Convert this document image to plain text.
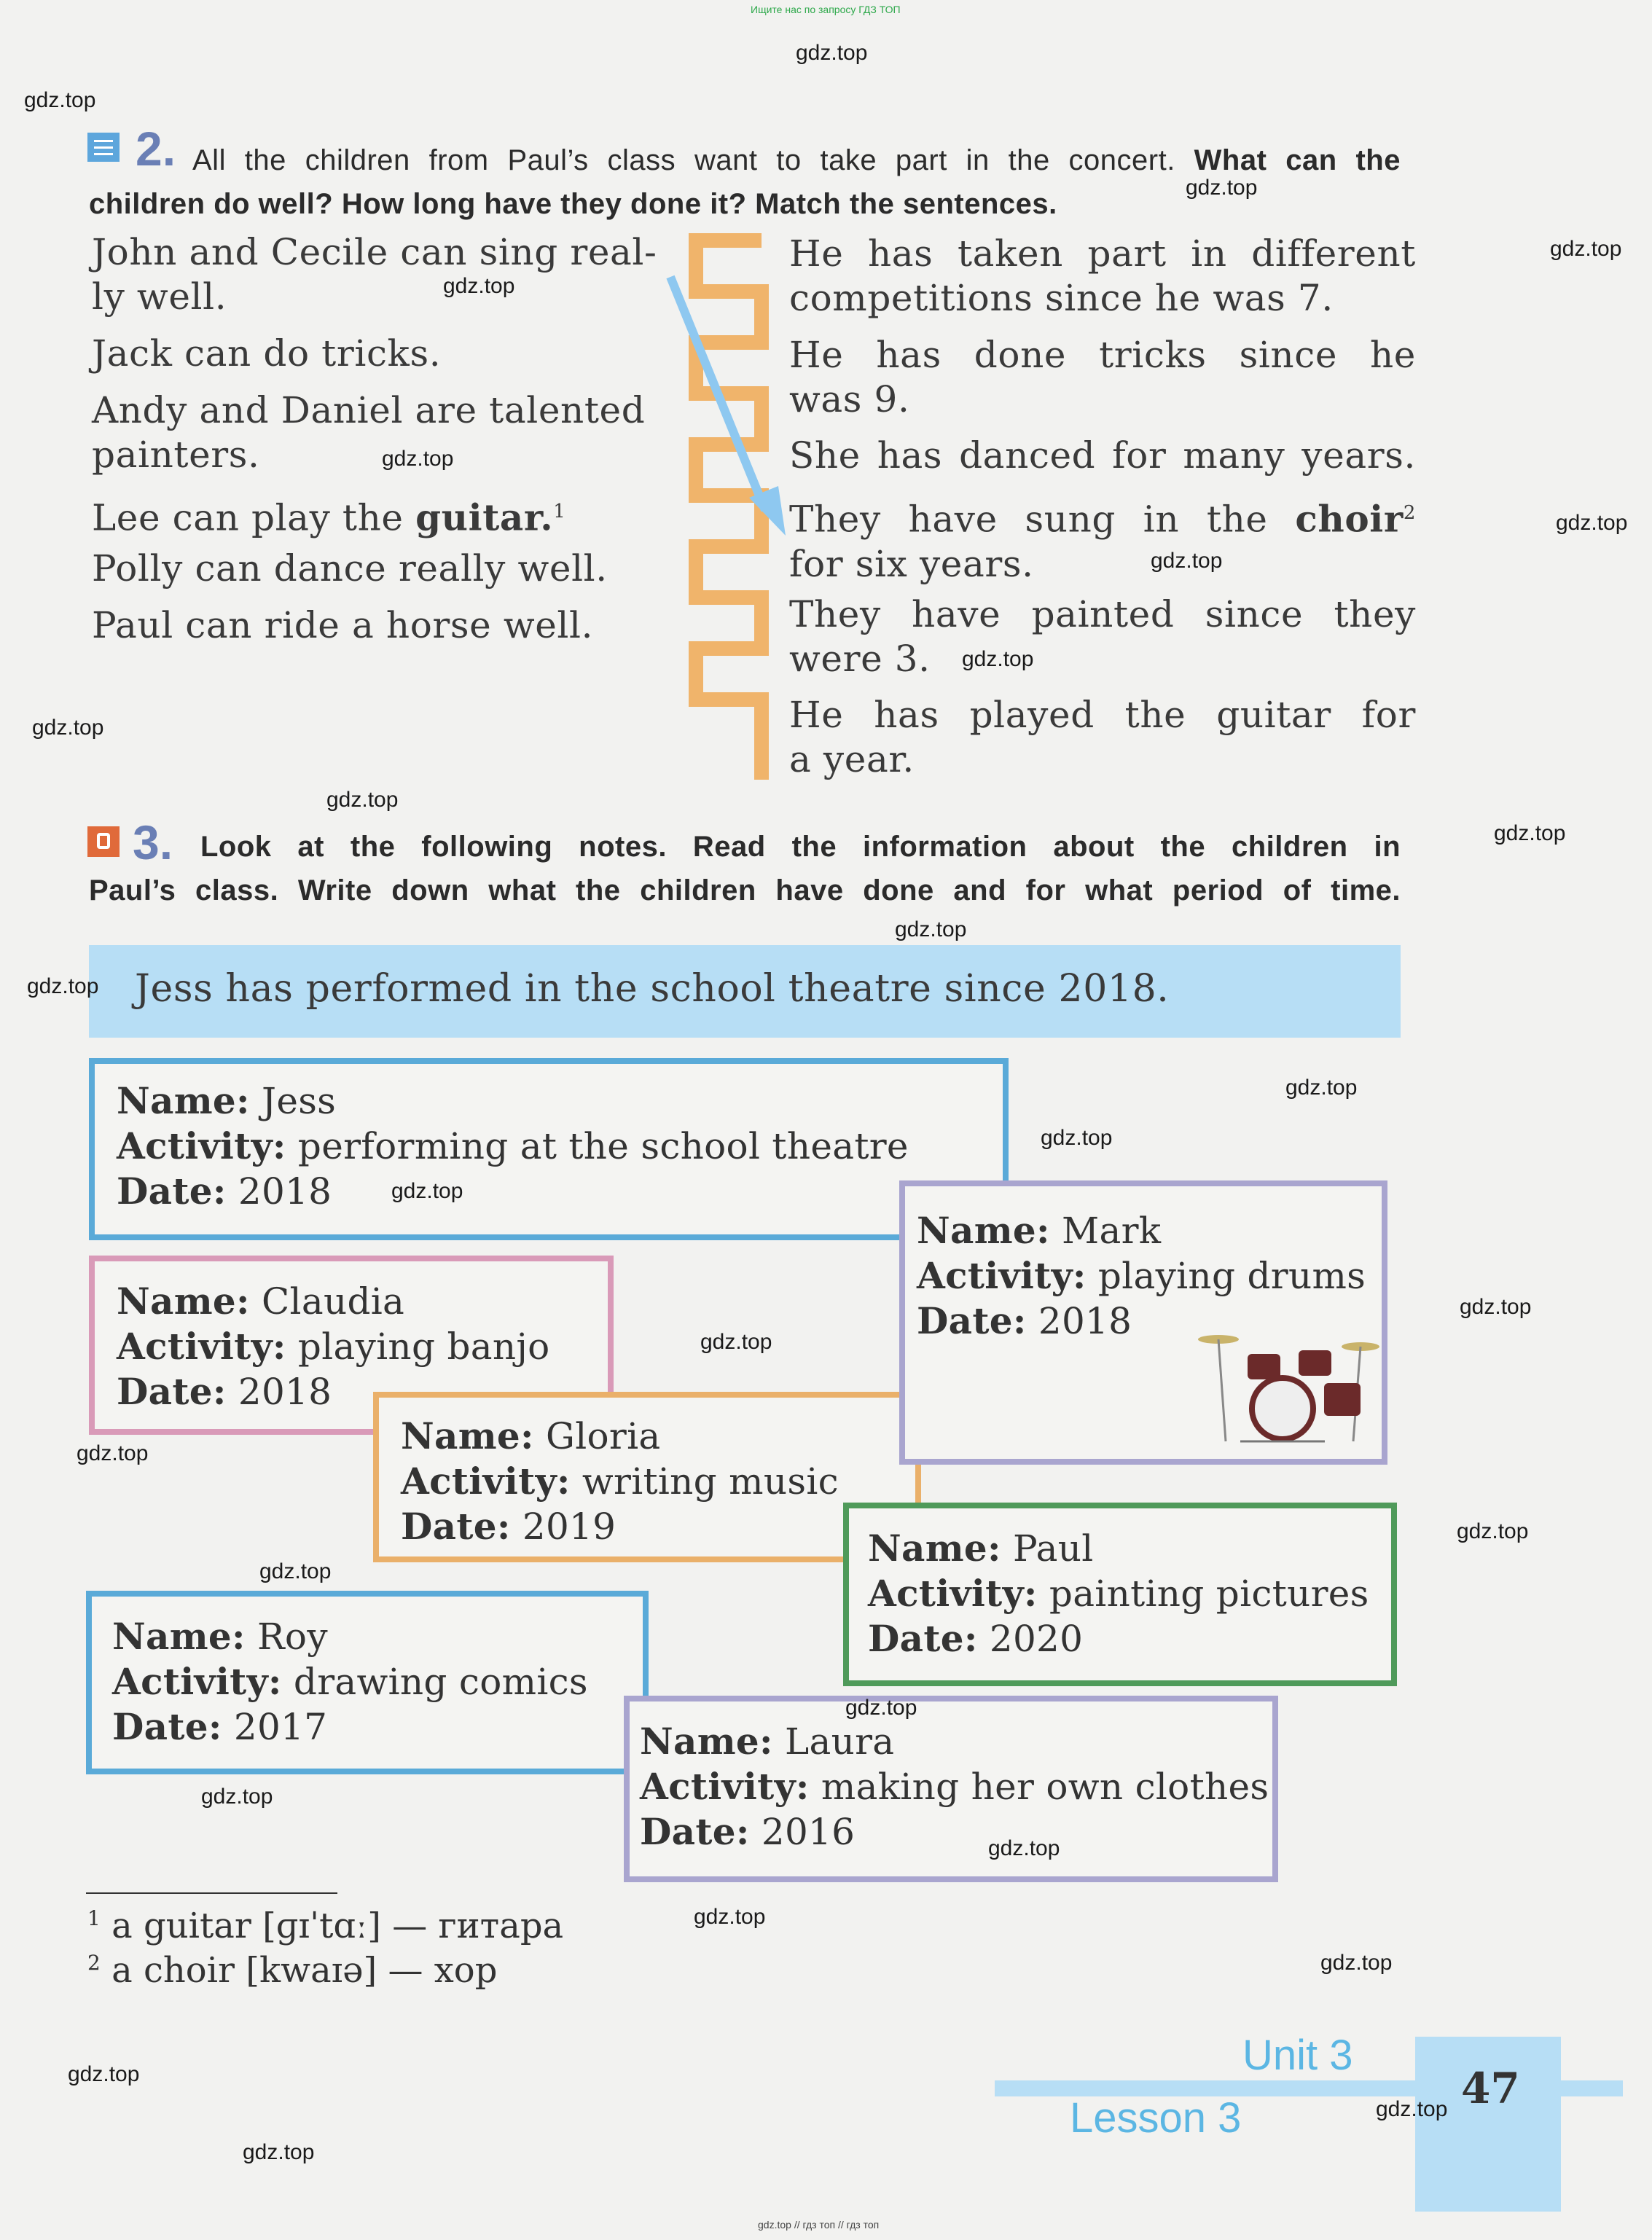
Ищите нас по запросу ГДЗ ТОП
2. All the children from Paul’s class want to take part in the concert. What can the
children do well? How long have they done it? Match the sentences.
John and Cecile can sing real-
ly well.
Jack can do tricks.
Andy and Daniel are talented
painters.
Lee can play the guitar.$^1$
Polly can dance really well.
Paul can ride a horse well.
He has taken part in different
competitions since he was 7.
He has done tricks since he
was 9.
She has danced for many years.
They have sung in the choir$^2$
for six years.
They have painted since they
were 3.
He has played the guitar for
a year.
3. Look at the following notes. Read the information about the children in
Paul’s class. Write down what the children have done and for what period of time.
Jess has performed in the school theatre since 2018.
Name: Jess
Activity: performing at the school theatre
Date: 2018
Name: Claudia
Activity: playing banjo
Date: 2018
Name: Gloria
Activity: writing music
Date: 2019
Name: Mark
Activity: playing drums
Date: 2018
Name: Paul
Activity: painting pictures
Date: 2020
Name: Roy
Activity: drawing comics
Date: 2017	Name: Laura
Activity: making her own clothes
Date: 2016
$^1$ a guitar [ɡɪˈtɑː] — гитара
$^2$ a choir [kwaɪə] — хор
Unit 3
Lesson 3
47
gdz.top // гдз топ // гдз топ
gdz.top
gdz.top
gdz.top
gdz.top
gdz.top
gdz.top
gdz.top
gdz.top
gdz.top
gdz.top
gdz.top
gdz.top
gdz.top
gdz.top
gdz.top
gdz.top
gdz.top
gdz.top
gdz.top
gdz.top
gdz.top
gdz.top
gdz.top
gdz.top
gdz.top
gdz.top
gdz.top
gdz.top
gdz.top
gdz.top
